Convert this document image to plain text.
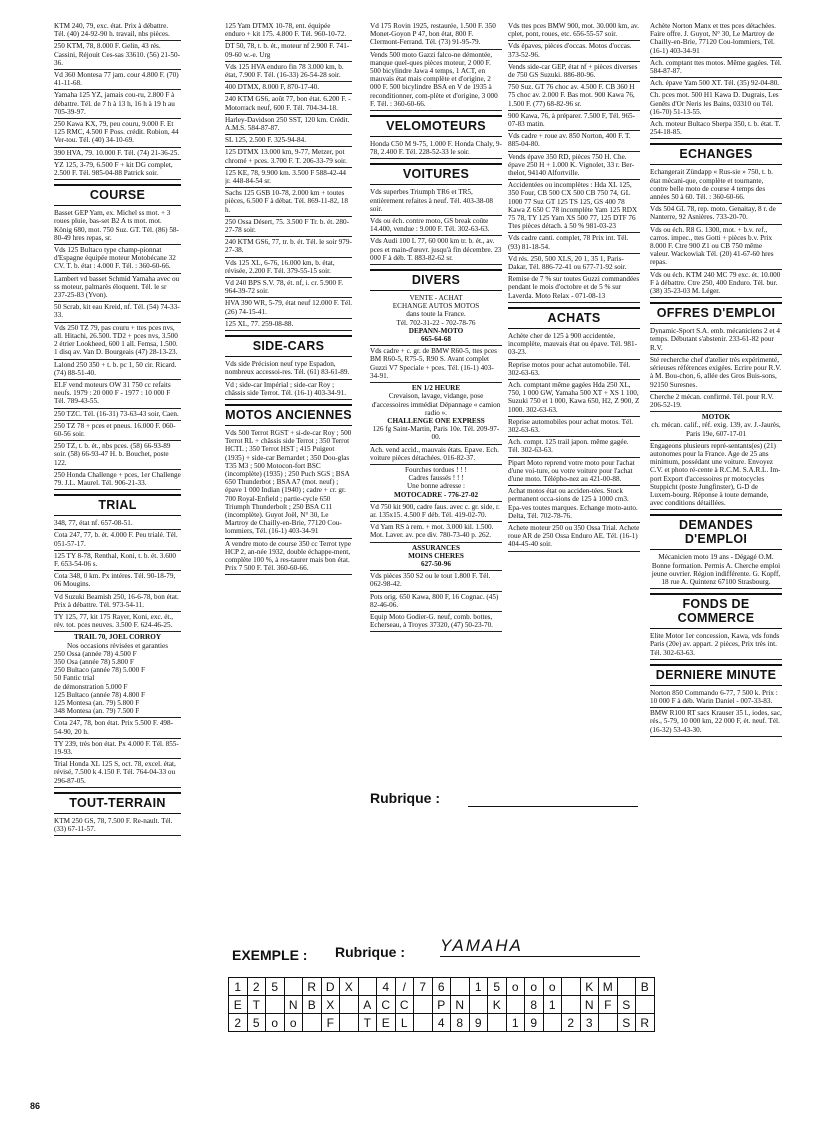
KTM 240, 79, exc. état. Prix à débattre. Tél. (40) 24-92-90 h. travail, nbs pièces.
250 KTM, 78, 8.000 F. Gelin, 43 rés. Cassini, Réjouit Ces-sas 33610. (56) 21-50-36.
Vd 360 Montesa 77 jam. cour 4.800 F. (70) 41-11-68.
Yamaha 125 YZ, jamais cou-ru, 2.800 F à débattre. Tél. de 7 h à 13 h, 16 h à 19 h au 705-39-97.
250 Kawa KX, 79, peu couru, 9.000 F. Et 125 RMC, 4.500 F Poss. crédit. Robion, 44 Ver-tou. Tél. (40) 34-10-69.
390 HVA, 79. 10.000 F. Tél. (74) 21-36-25.
YZ 125, 3-79, 6.500 F + kit DG complet, 2.500 F. Tél. 985-04-88 Patrick soir.
COURSE
Basset GEP Yam, ex. Michel ss mot. + 3 roues pluie, bas-set B2 A ts mot. mot. König 680, mot. 750 Suz. GT. Tél. (86) 58-80-49 hres repas, sr.
Vds 125 Bultaco type champ-pionnat d'Espagne équipée moteur Motobécane 32 CV. T. b. état : 4.000 F. Tél. : 360-60-66.
Lambert vd basset Schmid Yamaha avec ou ss moteur, palmarès éloquent. Tél. le sr 237-25-83 (Yvon).
50 Scrab, kit eau Kreid, nf. Tél. (54) 74-33-33.
Vds 250 TZ 79, pas couru + ttes pces nvs, all. Hitachi, 26.500. TD2 + pces nvs, 3.500 2 étrier Lookheed, 600 1 all. Femsa, 1.500. 1 disq av. Van D. Bourgeais (47) 28-13-23.
Lalond 250 350 + t. b. pc 1, 50 cir. Ricard. (74) 88-51-40.
ELF vend moteurs OW 31 750 cc refaits neufs. 1979 : 20 000 F - 1977 : 10 000 F Tél. 789-43-55.
250 TZC. Tél. (16-31) 73-63-43 soir, Caen.
250 TZ 78 + pces et pneus. 16.000 F. 060-60-56 soir.
250 TZ, t. b. ét., nbs pces. (58) 66-93-89 soir. (58) 66-93-47 H. b. Bouchet, poste 122.
250 Honda Challenge + pces, 1er Challenge 79. J.L. Maurel. Tél. 906-21-33.
TRIAL
348, 77, état nf. 657-08-51.
Cota 247, 77, b. ét. 4.000 F. Peu trialé. Tél. 051-57-17.
125 TY 8-78, Renthal, Koni, t. b. ét. 3.600 F. 653-54-06 s.
Cota 348, 0 km. Px intéres. Tél. 90-18-79, 06 Mougins.
Vd Suzuki Beamish 250, 16-6-78, bon état. Prix à débattre. Tél. 973-54-11.
TY 125, 77, kit 175 Rayer, Koni, exc. ét., rév. tot. pces neuves. 3.500 F. 624-46-25.
TRAIL 70, JOEL CORROY
Nos occasions révisées et garanties
250 Ossa (année 78) 4.500 F
350 Osa (année 78) 5.800 F
250 Bultaco (année 78) 5.000 F
50 Fantic trial
de démonstration 5.000 F
125 Bultaco (année 78) 4.800 F
125 Montesa (an. 79) 5.800 F
348 Montesa (an. 79) 7.500 F
Cota 247, 78, bon état. Prix 5.500 F. 498-54-90, 20 h.
TY 239, très bon état. Px 4.000 F. Tél. 855-19-93.
Trial Honda XL 125 S, oct. 78, excel. état, révisé, 7.500 k 4.150 F. Tél. 764-04-33 ou 296-87-05.
TOUT-TERRAIN
KTM 250 GS, 78, 7.500 F. Re-nault. Tél. (33) 67-11-57.
125 Yam DTMX 10-78, ent. équipée enduro + kit 175. 4.800 F. Tél. 960-10-72.
DT 50, 78, t. b. ét., moteur nf 2.900 F. 741-09-60 w.-e. Urg
Vds 125 HVA enduro fin 78 3.000 km, b. état, 7.900 F. Tél. (16-33) 26-54-28 soir.
400 DTMX, 8.000 F, 870-17-40.
240 KTM GS6, août 77, bon état. 6.200 F. - Motorrack neuf, 600 F. Tél. 704-34-18.
Harley-Davidson 250 SST, 120 km. Crédit. A.M.S. 584-87-87.
SL 125, 2.500 F. 325-94-84.
125 DTMX 13.000 km, 9-77, Metzer, pot chromé + pces. 3.700 F. T. 206-33-79 soir.
125 KE, 78, 9.900 km. 3.500 F 588-42-44 jr. 448-84-54 sr.
Sachs 125 GSB 10-78, 2.000 km + toutes pièces, 6.500 F à débat. Tél. 869-11-82, 18 h.
250 Ossa Désert, 75. 3.500 F Tr. b. ét. 280-27-78 soir.
240 KTM GS6, 77, tr. b. ét. Tél. le soir 979-27-38.
Vds 125 XL, 6-76, 16.000 km, b. état, révisée, 2.200 F. Tél. 379-55-15 soir.
Vd 240 BPS S.V. 78, ét. nf, i. cr. 5.900 F. 964-39-72 soir.
HVA 390 WR, 5-79, état neuf 12.000 F. Tél. (26) 74-15-41.
125 XL, 77. 259-08-88.
SIDE-CARS
Vds side Précision neuf type Espadon, nombreux accessoi-res. Tél. (61) 83-61-89.
Vd ; side-car Impérial ; side-car Roy ; châssis side Terrot. Tél. (16-1) 403-34-91.
MOTOS ANCIENNES
Vds 500 Terrot RGST + si-de-car Roy ; 500 Terrot RL + châssis side Terrot ; 350 Terrot HCTL ; 350 Terrot HST ; 415 Puigeot (1935) + side-car Bernardet ; 350 Dou-glas T35 M3 ; 500 Motocon-fort BSC (incomplète) (1935) ; 250 Puch SGS ; BSA 650 Thunderbot ; BSA A7 (mot. neuf) ; épave 1 000 Indian (1940) ; cadre + cr. gr. 700 Royal-Enfield ; partie-cycle 650 Triumph Thunderbolt ; 250 BSA C11 (incomplète). Guyot Joël, N° 30, Le Martroy de Chailly-en-Brie, 77120 Cou-lommiers, Tél. (16-1) 403-34-91
A vendre moto de course 350 cc Terrot type HCP 2, an-née 1932, double échappe-ment, complète 100 %, à res-taurer mais bon état. Prix 7 500 F. Tél. 360-60-66.
Vd 175 Rovin 1925, restaurée, 1.500 F. 350 Monet-Goyon P 47, bon état, 800 F. Clermont-Ferrand. Tél. (73) 91-95-79.
Vends 500 moto Gazzi falco-ne démontée, manque quel-ques pièces moteur, 2 000 F. 500 bicylindre Jawa 4 temps, 1 ACT, en mauvais état mais complète et d'origine, 2 000 F. 500 bicylindre BSA en V de 1935 à reconditionner, com-plète et d'origine, 3 000 F. Tél. : 360-60-66.
VELOMOTEURS
Honda C50 M 9-75, 1.000 F. Honda Chaly, 9-78, 2.400 F. Tél. 228-52-33 le soir.
VOITURES
Vds superbes Triumph TR6 et TR5, entièrement refaites à neuf. Tél. 403-38-08 soir.
Vds ou éch. contre moto, GS break coûte 14.400, vendue : 9.000 F. Tél. 302-63-63.
Vds Audi 100 L 77, 60 000 km tr. b. ét., av. pces et main-d'œuvr. jusqu'à fin décembre. 23 000 F à déb. T. 883-82-62 sr.
DIVERS
VENTE - ACHAT
ECHANGE AUTOS MOTOS
dans toute la France.
Tél. 702-31-22 - 702-78-76
DEPANN-MOTO
665-64-68
Vds cadre + c. gr. de BMW R60-5, ttes pces BM R60-5, R75-5, R90 S. Avant complet Guzzi V7 Speciale + pces. Tél. (16-1) 403-34-91.
EN 1/2 HEURE
Crevaison, lavage, vidange, pose d'accessoires immédiat Dépannage « camion radio ».
CHALLENGE ONE EXPRESS
126 fg Saint-Martin, Paris 10e. Tél. 209-97-00.
Ach. vend accid., mauvais états. Epave. Ech. voiture pièces détachées. 016-82-37.
Fourches tordues ! ! !
Cadres faussés ! ! !
Une bonne adresse :
MOTOCADRE - 776-27-02
Vd 750 kit 900, cadre faus. avec c. gr. side, r. ar. 135x15. 4.500 F déb. Tél. 419-02-70.
Vd Yam RS à rem. + mot. 3.000 kil. 1.500. Mot. Laver. av. pce div. 780-73-40 p. 262.
ASSURANCES
MOINS CHERES
627-50-96
Vds pièces 350 S2 ou le tout 1.800 F. Tél. 062-98-42.
Pots orig. 650 Kawa, 800 F, 16 Cognac. (45) 82-46-06.
Equip Moto Godier-G. neuf, comb. bottes, Echerseau, à Troyes 37320, (47) 50-23-70.
Vds ttes pces BMW 900, mot. 30.000 km, av. cplet, pont, roues, etc. 656-55-57 soir.
Vds épaves, pièces d'occas. Motos d'occas. 373-52-96.
Vends side-car GEP, état nf + pièces diverses de 750 GS Suzuki. 886-80-96.
750 Suz. GT 76 choc av. 4.500 F. CB 360 H 75 choc av. 2.000 F. Bas mot. 900 Kawa 76, 1.500 F. (77) 68-82-96 sr.
900 Kawa, 76, à préparer. 7.500 F, Tél. 965-07-83 matin.
Vds cadre + roue av. 850 Norton, 400 F. T. 885-04-80.
Vends épave 350 RD, pièces 750 H. Che. épave 250 H + 1.000 K. Vignolet, 33 r. Ber-thelot, 94140 Alfortville.
Accidentées ou incomplètes : Hda XL 125, 350 Four, CB 500 CX 500 CB 750 74, GL 1000 77 Suz GT 125 TS 125, GS 400 78 Kawa Z 650 C 78 incomplète Yam 125 RDX 75 78, TY 125 Yam XS 500 77, 125 DTF 76 Ttes pièces détach. à 50 % 981-03-23
Vds cadre canti. complet, 78 Prix int. Tél. (93) 81-18-54.
Vd rés. 250, 500 XLS, 20 1, 35 1, Paris-Dakar, Tél. 886-72-41 ou 677-71-92 soir.
Remise de 7 % sur toutes Guzzi commandées pendant le mois d'octobre et de 5 % sur Laverda. Moto Relax - 071-08-13
ACHATS
Achète cher de 125 à 900 accidentée, incomplète, mauvais état ou épave. Tél. 981-03-23.
Reprise motos pour achat automobile. Tél. 302-63-63.
Ach. comptant même gagées Hda 250 XL, 750, 1 000 GW, Yamaha 500 XT + XS 1 100, Suzuki 750 et 1 000, Kawa 650, H2, Z 900, Z 1000. 302-63-63.
Reprise automobiles pour achat motos. Tél. 302-63-63.
Ach. compt. 125 trail japon. même gagée. Tél. 302-63-63.
Pipart Moto reprend votre moto pour l'achat d'une voi-ture, ou votre voiture pour l'achat d'une moto. Télépho-nez au 421-00-88.
Achat motos état ou acciden-tées. Stock permanent occa-sions de 125 à 1000 cm3. Epa-ves toutes marques. Echange moto-auto. Delta, Tél. 702-78-76.
Achete moteur 250 ou 350 Ossa Trial. Achete roue AR de 250 Ossa Enduro AE. Tél. (16-1) 404-45-40 soir.
Achète Norton Manx et ttes pces détachées. Faire offre. J. Guyot, N° 30, Le Martroy de Chailly-en-Brie, 77120 Cou-lommiers, Tél. (16-1) 403-34-91
Ach. comptant ttes motos. Même gagées. Tél. 584-87-87.
Ach. épave Yam 500 XT. Tél. (35) 92-04-80.
Ch. pces mot. 500 H1 Kawa D. Dugrais, Les Genêts d'Or Neris les Bains, 03310 ou Tél. (16-70) 51-13-55.
Ach. moteur Bultaco Sherpa 350, t. b. état. T. 254-18-85.
ECHANGES
Echangerait Zündapp « Rus-sie » 750, t. b. état mécani-que, complète et tournante, contre belle moto de course 4 temps des années 50 à 60. Tél. : 360-60-66.
Vds 504 GL 78, rep. moto. Genaitay, 8 r. de Nanterre, 92 Asnières. 733-20-70.
Vds ou éch. R8 G. 1300, mot. + b.v. ref., carros. impec., ttes Gotti + pièces b.v. Prix 8.000 F. Ctre 900 Z1 ou CB 750 même valeur. Wackowiak Tél. (20) 41-67-60 hres repas.
Vds ou éch. KTM 240 MC 79 exc. ét. 10.000 F à débattre. Ctre 250, 400 Enduro. Tél. bur. (38) 35-23-03 M. Léger.
OFFRES D'EMPLOI
Dynamic-Sport S.A. emb. mécaniciens 2 et 4 temps. Débutant s'abstenir. 233-61-82 pour R.V.
Sté recherche chef d'atelier très expérimenté, sérieuses références exigées. Ecrire pour R.V. à M. Bou-chon, 6, allée des Gros Buis-sons, 92150 Suresnes.
Cherche 2 mécan. confirmé. Tél. pour R.V. 206-52-19.
MOTOK
ch. mécan. calif., réf. exig. 139, av. J.-Jaurès, Paris 19e, 607-17-01
Engageons plusieurs repré-sentants(es) (21) autonomes pour la France. Age de 25 ans minimum, possédant une voiture. Envoyez C.V. et photo ré-cente à R.C.M. S.A.R.L. Im-port Export d'accessoires pr motocycles Stuppicht (poste Jungfinster), G-D de Luxem-bourg. Réponse à toute demande, avec conditions détaillées.
DEMANDES D'EMPLOI
Mécanicien moto 19 ans - Dégagé O.M. Bonne formation. Permis A. Cherche emploi jeune ouvrier. Région indifférente. G. Kopff, 18 rue A. Quintenz 67100 Strasbourg.
FONDS DE COMMERCE
Elite Motor 1er concession, Kawa, vds fonds Paris (20e) av. appart. 2 pièces, Prix très int. Tél. 302-63-63.
DERNIERE MINUTE
Norton 850 Commando 6-77, 7 500 k. Prix : 10 000 F à déb. Warin Daniel - 007-33-83.
BMW R100 RT sacs Krauser 35 l., iodes, sac, rés., 5-79, 10 000 km, 22 000 F, ét. neuf. Tél. (16-32) 53-43-30.
Rubrique :
EXEMPLE : Rubrique : YAMAHA
1	2	5		R	D	X		4	/	7	6		1	5	o	o	o		K	M		B
E	T		N	B	X		A	C	C		P	N		K		8	1		N	F	S	
2	5	o	o		F		T	E	L		4	8	9		1	9		2	3		S	R
86
